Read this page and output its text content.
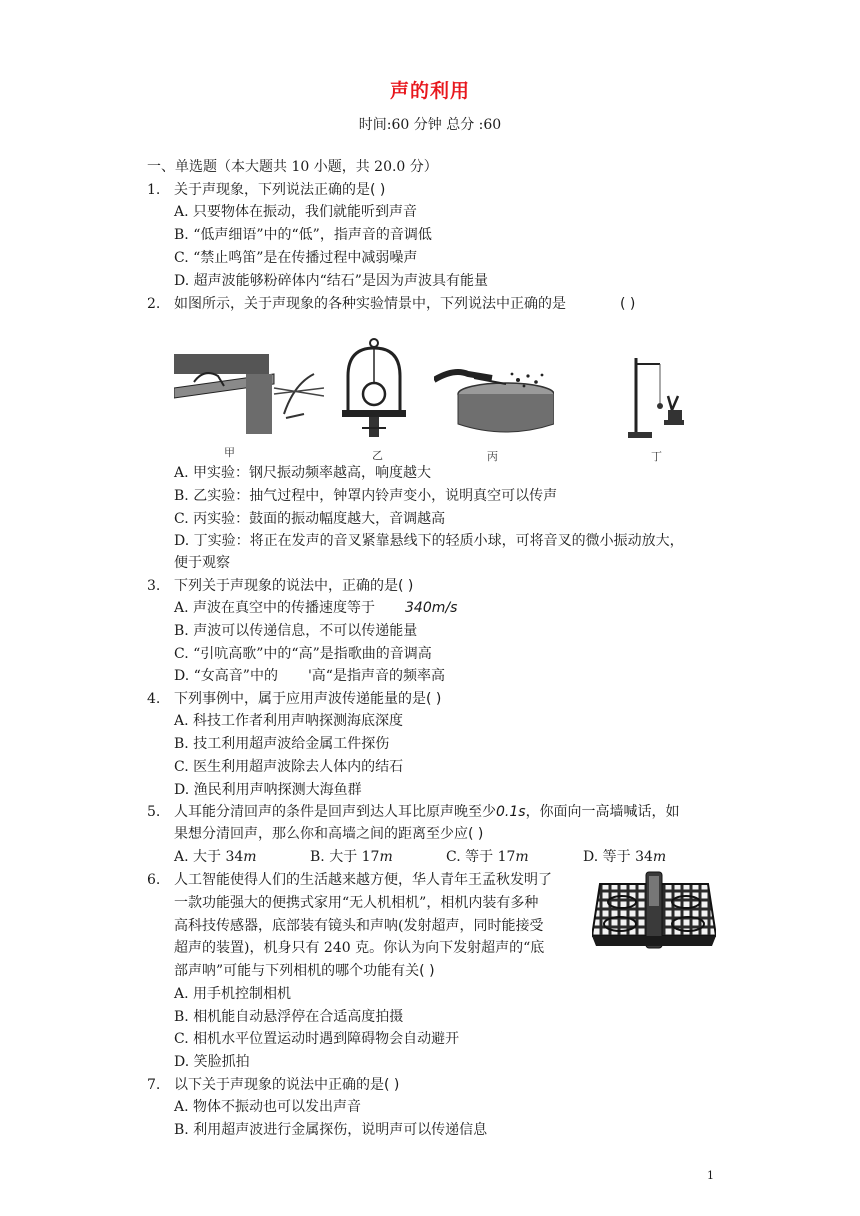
声的利用
时间:60 分钟 总分 :60
一、单选题（本大题共 10 小题，共 20.0 分）
1. 关于声现象，下列说法正确的是( )
A. 只要物体在振动，我们就能听到声音
B. “低声细语”中的“低”，指声音的音调低
C. “禁止鸣笛”是在传播过程中减弱噪声
D. 超声波能够粉碎体内“结石”是因为声波具有能量
2. 如图所示，关于声现象的各种实验情景中，下列说法中正确的是	( )
甲	乙	丙	丁
A. 甲实验：钢尺振动频率越高，响度越大
B. 乙实验：抽气过程中，钟罩内铃声变小，说明真空可以传声
C. 丙实验：鼓面的振动幅度越大，音调越高
D. 丁实验：将正在发声的音叉紧靠悬线下的轻质小球，可将音叉的微小振动放大，
便于观察
3. 下列关于声现象的说法中，正确的是( )
A. 声波在真空中的传播速度等于 340m/s
B. 声波可以传递信息，不可以传递能量
C. “引吭高歌”中的“高”是指歌曲的音调高
D. “女高音”中的 '高“是指声音的频率高
4. 下列事例中，属于应用声波传递能量的是( )
A. 科技工作者利用声呐探测海底深度
B. 技工利用超声波给金属工件探伤
C. 医生利用超声波除去人体内的结石
D. 渔民利用声呐探测大海鱼群
5. 人耳能分清回声的条件是回声到达人耳比原声晚至少0.1s，你面向一高墙喊话，如
果想分清回声，那么你和高墙之间的距离至少应( )
A. 大于 34m	B. 大于 17m	C. 等于 17m	D. 等于 34m
6. 人工智能使得人们的生活越来越方便，华人青年王孟秋发明了
一款功能强大的便携式家用“无人机相机”，相机内装有多种
高科技传感器，底部装有镜头和声呐(发射超声，同时能接受
超声的装置)，机身只有 240 克。你认为向下发射超声的“底
部声呐”可能与下列相机的哪个功能有关( )
A. 用手机控制相机
B. 相机能自动悬浮停在合适高度拍摄
C. 相机水平位置运动时遇到障碍物会自动避开
D. 笑脸抓拍
7. 以下关于声现象的说法中正确的是( )
A. 物体不振动也可以发出声音
B. 利用超声波进行金属探伤，说明声可以传递信息
1
